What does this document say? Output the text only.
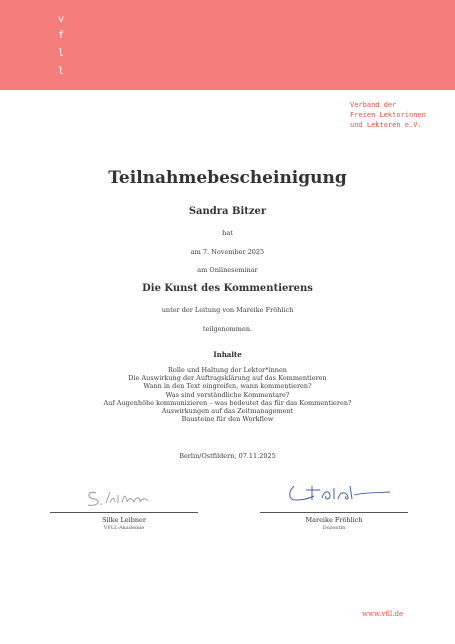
v
f
l
l
Verband der
Freien Lektorinnen
und Lektoren e.V.
Teilnahmebescheinigung
Sandra Bitzer
hat
am 7. November 2025
am Onlineseminar
Die Kunst des Kommentierens
unter der Leitung von Mareike Fröhlich
teilgenommen.
Inhalte
Rolle und Haltung der Lektor*innen
Die Auswirkung der Auftragsklärung auf das Kommentieren
Wann in den Text eingreifen, wann kommentieren?
Was sind verständliche Kommentare?
Auf Augenhöhe kommunizieren – was bedeutet das für das Kommentieren?
Auswirkungen auf das Zeitmanagement
Bausteine für den Workflow
Berlin/Ostfildern, 07.11.2025
Silke Leibner
VFLL-Akademie
Mareike Fröhlich
Dozentin
www.vfll.de
